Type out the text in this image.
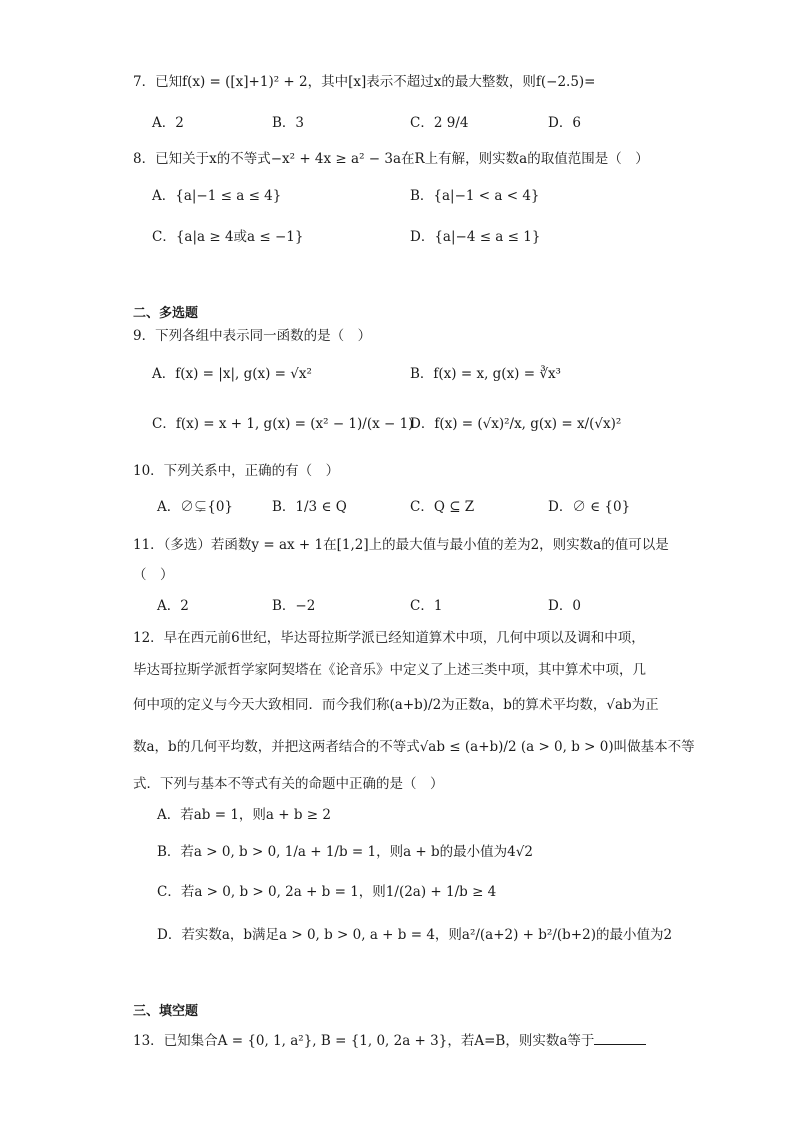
7．已知f(x) = ([x]+1)² + 2，其中[x]表示不超过x的最大整数，则f(−2.5)=
A．2	B．3	C．2 9/4	D．6
8．已知关于x的不等式−x² + 4x ≥ a² − 3a在R上有解，则实数a的取值范围是（　）
A．{a|−1 ≤ a ≤ 4}	B．{a|−1 < a < 4}
C．{a|a ≥ 4或a ≤ −1}	D．{a|−4 ≤ a ≤ 1}
二、多选题
9．下列各组中表示同一函数的是（　）
A．f(x) = |x|, g(x) = √x²	B．f(x) = x, g(x) = ∛x³
C．f(x) = x + 1, g(x) = (x² − 1)/(x − 1)
D．f(x) = (√x)²/x, g(x) = x/(√x)²
10．下列关系中，正确的有（　）
A．∅⊊{0}	B．1/3 ∈ Q	C．Q ⊆ Z	D．∅ ∈ {0}
11．（多选）若函数y = ax + 1在[1,2]上的最大值与最小值的差为2，则实数a的值可以是
（　）
A．2	B．−2	C．1	D．0
12．早在西元前6世纪，毕达哥拉斯学派已经知道算术中项，几何中项以及调和中项，
毕达哥拉斯学派哲学家阿契塔在《论音乐》中定义了上述三类中项，其中算术中项，几
何中项的定义与今天大致相同．而今我们称(a+b)/2为正数a，b的算术平均数，√ab为正
数a，b的几何平均数，并把这两者结合的不等式√ab ≤ (a+b)/2 (a > 0, b > 0)叫做基本不等
式．下列与基本不等式有关的命题中正确的是（　）
A．若ab = 1，则a + b ≥ 2
B．若a > 0, b > 0, 1/a + 1/b = 1，则a + b的最小值为4√2
C．若a > 0, b > 0, 2a + b = 1，则1/(2a) + 1/b ≥ 4
D．若实数a，b满足a > 0, b > 0, a + b = 4，则a²/(a+2) + b²/(b+2)的最小值为2
三、填空题
13．已知集合A = {0, 1, a²}, B = {1, 0, 2a + 3}，若A=B，则实数a等于
